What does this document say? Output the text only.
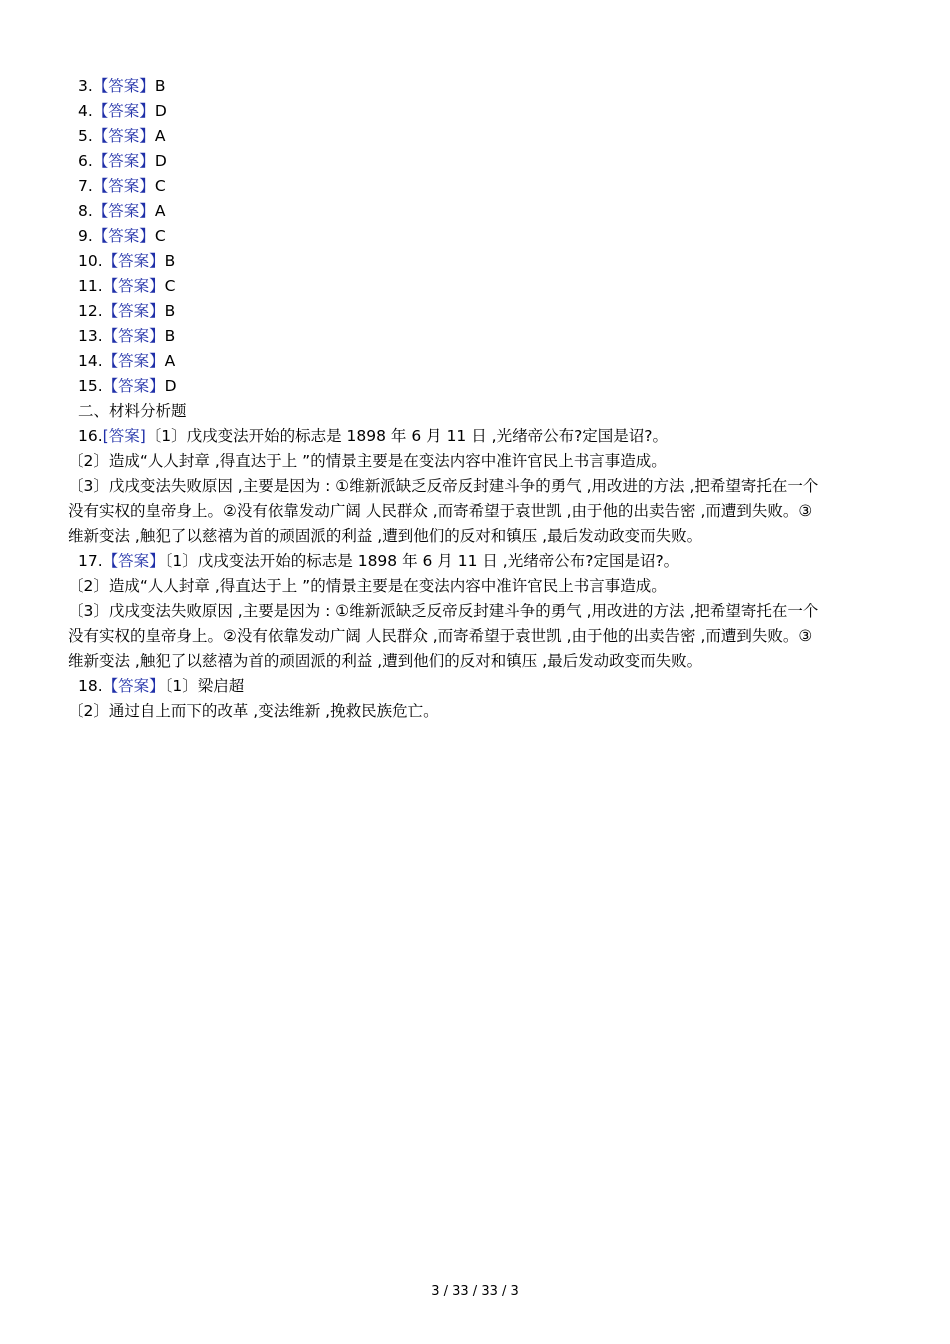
3.【答案】B
4.【答案】D
5.【答案】A
6.【答案】D
7.【答案】C
8.【答案】A
9.【答案】C
10.【答案】B
11.【答案】C
12.【答案】B
13.【答案】B
14.【答案】A
15.【答案】D
二、材料分析题
16.[答案]〔1〕戊戌变法开始的标志是 1898 年 6 月 11 日 ,光绪帝公布?定国是诏?。
〔2〕造成“人人封章 ,得直达于上 ”的情景主要是在变法内容中准许官民上书言事造成。
〔3〕戊戌变法失败原因 ,主要是因为 : ①维新派缺乏反帝反封建斗争的勇气 ,用改进的方法 ,把希望寄托在一个
没有实权的皇帝身上。②没有依靠发动广阔 人民群众 ,而寄希望于袁世凯 ,由于他的出卖告密 ,而遭到失败。③
维新变法 ,触犯了以慈禧为首的顽固派的利益 ,遭到他们的反对和镇压 ,最后发动政变而失败。
17.【答案】〔1〕戊戌变法开始的标志是 1898 年 6 月 11 日 ,光绪帝公布?定国是诏?。
〔2〕造成“人人封章 ,得直达于上 ”的情景主要是在变法内容中准许官民上书言事造成。
〔3〕戊戌变法失败原因 ,主要是因为 : ①维新派缺乏反帝反封建斗争的勇气 ,用改进的方法 ,把希望寄托在一个
没有实权的皇帝身上。②没有依靠发动广阔 人民群众 ,而寄希望于袁世凯 ,由于他的出卖告密 ,而遭到失败。③
维新变法 ,触犯了以慈禧为首的顽固派的利益 ,遭到他们的反对和镇压 ,最后发动政变而失败。
18.【答案】〔1〕梁启超
〔2〕通过自上而下的改革 ,变法维新 ,挽救民族危亡。
3 / 33 / 33 / 3
